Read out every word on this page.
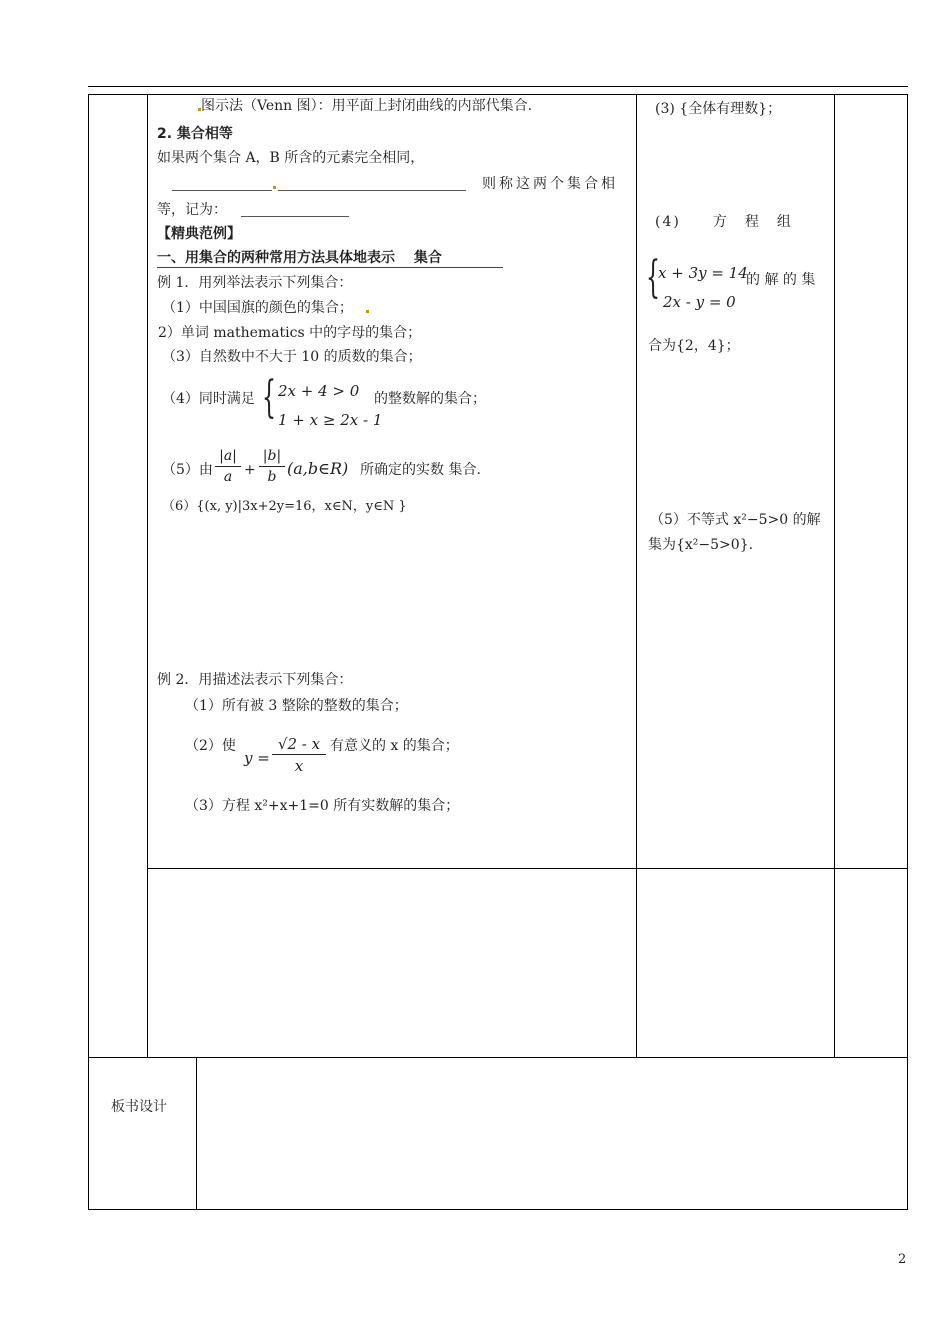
图示法（Venn 图）：用平面上封闭曲线的内部代集合.
2. 集合相等
如果两个集合 A，B 所含的元素完全相同，
则称这两个集合相
等，记为：
【精典范例】
一、用集合的两种常用方法具体地表示　 集合
例 1．用列举法表示下列集合：
（1）中国国旗的颜色的集合；
2）单词 mathematics 中的字母的集合；
（3）自然数中不大于 10 的质数的集合；
（4）同时满足 { 2x + 4 > 0
1 + x ≥ 2x - 1
的整数解的集合；
（5）由 $\frac{|a|}{a} + \frac{|b|}{b}$ (a,b∈R) 所确定的实数 集合.
（6）{(x, y)|3x+2y=16，x∈N，y∈N }
例 2．用描述法表示下列集合：
（1）所有被 3 整除的整数的集合；
（2）使
$y = \frac{√2 - x}{x}$ 有意义的 x 的集合；
（3）方程 x²+x+1=0 所有实数解的集合；
(3) {全体有理数}；
(4)　　方　程　组
{
x + 3y = 14
2x - y = 0
的 解 的 集
合为{2，4}；
（5）不等式 x²−5>0 的解
集为{x²−5>0}.
板书设计
2
